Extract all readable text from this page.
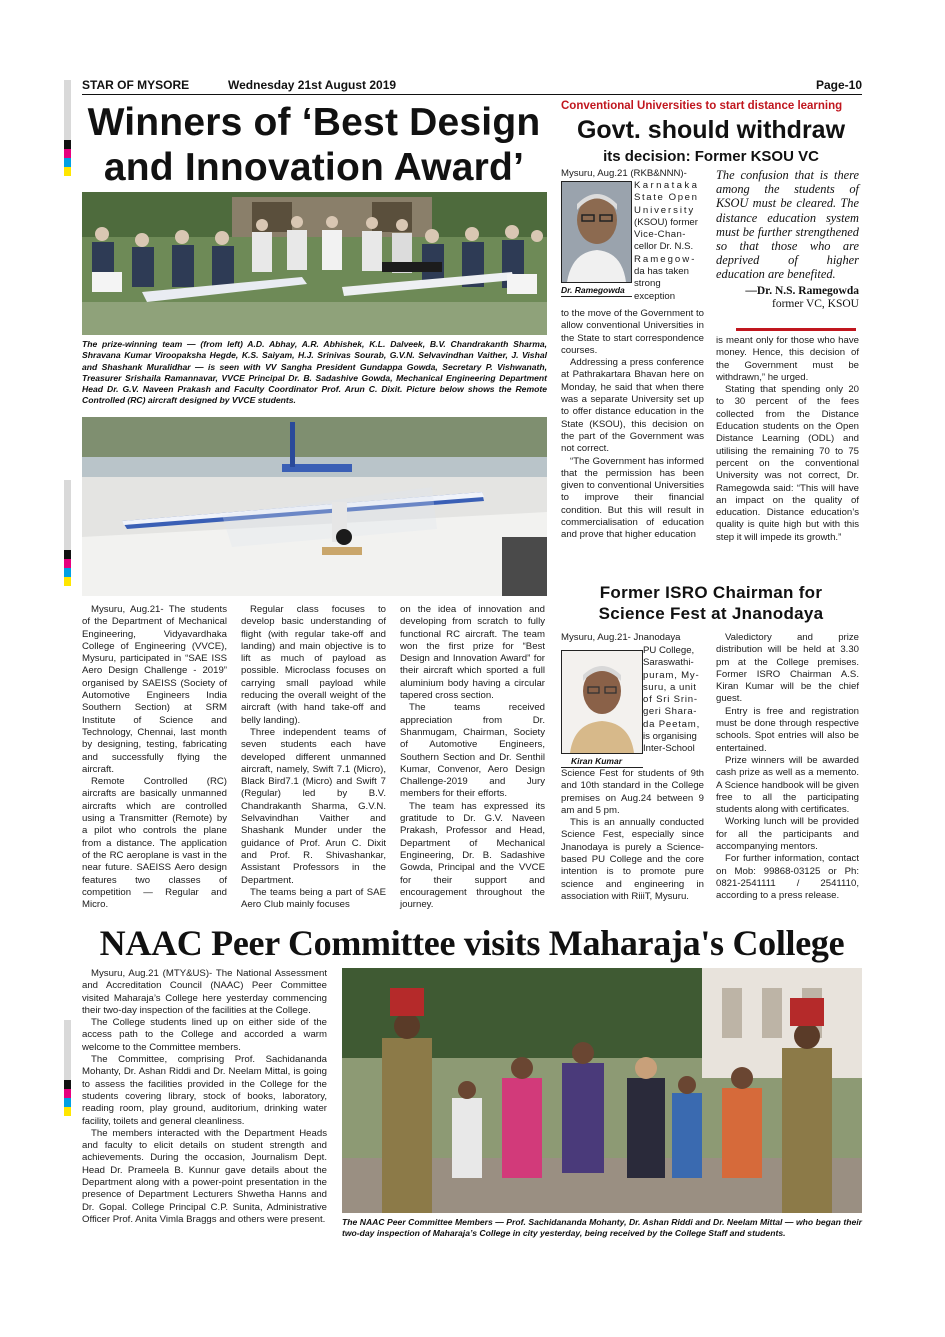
STAR OF MYSORE	Wednesday 21st August 2019	Page-10
Winners of ‘Best Design
and Innovation Award’
The prize-winning team — (from left) A.D. Abhay, A.R. Abhishek, K.L. Dalveek, B.V. Chandrakanth Sharma, Shravana Kumar Viroopaksha Hegde, K.S. Saiyam, H.J. Srinivas Sourab, G.V.N. Selvavindhan Vaither, J. Vishal and Shashank Muralidhar — is seen with VV Sangha President Gundappa Gowda, Secretary P. Vishwanath, Treasurer Srishaila Ramannavar, VVCE Principal Dr. B. Sadashive Gowda, Mechanical Engineering Department Head Dr. G.V. Naveen Prakash and Faculty Coordinator Prof. Arun C. Dixit. Picture below shows the Remote Controlled (RC) aircraft designed by VVCE students.

Mysuru, Aug.21- The students of the Department of Mechanical Engineering, Vidyavardhaka College of Engineering (VVCE), Mysuru, participated in “SAE ISS Aero Design Challenge - 2019” organised by SAEISS (Society of Automotive Engineers India Southern Section) at SRM Institute of Science and Technology, Chennai, last month by designing, testing, fabricating and successfully flying the aircraft.

Remote Controlled (RC) aircrafts are basically unmanned aircrafts which are controlled using a Transmitter (Remote) by a pilot who controls the plane from a distance. The application of the RC aeroplane is vast in the near future. SAEISS Aero design features two classes of competition — Regular and Micro.

Regular class focuses to develop basic understanding of flight (with regular take-off and landing) and main objective is to lift as much of payload as possible. Microclass focuses on carrying small payload while reducing the overall weight of the aircraft (with hand take-off and belly landing).

Three independent teams of seven students each have developed different unmanned aircraft, namely, Swift 7.1 (Micro), Black Bird7.1 (Micro) and Swift 7 (Regular) led by B.V. Chandrakanth Sharma, G.V.N. Selvavindhan Vaither and Shashank Munder under the guidance of Prof. Arun C. Dixit and Prof. R. Shivashankar, Assistant Professors in the Department.

The teams being a part of SAE Aero Club mainly focuses

on the idea of innovation and developing from scratch to fully functional RC aircraft. The team won the first prize for “Best Design and Innovation Award” for their aircraft which sported a full aluminium body having a circular tapered cross section.

The teams received appreciation from Dr. Shanmugam, Chairman, Society of Automotive Engineers, Southern Section and Dr. Senthil Kumar, Convenor, Aero Design Challenge-2019 and Jury members for their efforts.

The team has expressed its gratitude to Dr. G.V. Naveen Prakash, Professor and Head, Department of Mechanical Engineering, Dr. B. Sadashive Gowda, Principal and the VVCE for their support and encouragement throughout the journey.

Conventional Universities to start distance learning
Govt. should withdraw
its decision: Former KSOU VC
Dr. Ramegowda
Mysuru, Aug.21 (RKB&NNN)-
Karnataka
State Open
University
(KSOU) former
Vice-Chan-
cellor Dr. N.S.
Ramegow-
da has taken
strong exception
The confusion that is there among the students of KSOU must be cleared. The distance education system must be further strengthened so that those who are deprived of higher education are benefited.
—Dr. N.S. Ramegowda
former VC, KSOU

to the move of the Government to allow conventional Universities in the State to start correspondence courses.

Addressing a press conference at Pathrakartara Bhavan here on Monday, he said that when there was a separate University set up to offer distance education in the State (KSOU), this decision on the part of the Government was not correct.

“The Government has informed that the permission has been given to conventional Universities to improve their financial condition. But this will result in commercialisation of education and prove that higher education

is meant only for those who have money. Hence, this decision of the Government must be withdrawn,” he urged.

Stating that spending only 20 to 30 percent of the fees collected from the Distance Education students on the Open Distance Learning (ODL) and utilising the remaining 70 to 75 percent on the conventional University was not correct, Dr. Ramegowda said: “This will have an impact on the quality of education. Distance education’s quality is quite high but with this step it will impede its growth.”

Former ISRO Chairman for
Science Fest at Jnanodaya
Kiran Kumar
Mysuru, Aug.21- Jnanodaya
PU College,
Saraswathi-
puram, My-
suru, a unit
of Sri Srin-
geri Shara-
da Peetam,
is organising
Inter-School

Science Fest for students of 9th and 10th standard in the College premises on Aug.24 between 9 am and 5 pm.

This is an annually conducted Science Fest, especially since Jnanodaya is purely a Science-based PU College and the core intention is to promote pure science and engineering in association with RiiiT, Mysuru.

Valedictory and prize distribution will be held at 3.30 pm at the College premises. Former ISRO Chairman A.S. Kiran Kumar will be the chief guest.

Entry is free and registration must be done through respective schools. Spot entries will also be entertained.

Prize winners will be awarded cash prize as well as a memento. A Science handbook will be given free to all the participating students along with certificates.

Working lunch will be provided for all the participants and accompanying mentors.

For further information, contact on Mob: 99868-03125 or Ph: 0821-2541111 / 2541110, according to a press release.

NAAC Peer Committee visits Maharaja's College

Mysuru, Aug.21 (MTY&US)- The National Assessment and Accreditation Council (NAAC) Peer Committee visited Maharaja’s College here yesterday commencing their two-day inspection of the facilities at the College.

The College students lined up on either side of the access path to the College and accorded a warm welcome to the Committee members.

The Committee, comprising Prof. Sachidananda Mohanty, Dr. Ashan Riddi and Dr. Neelam Mittal, is going to assess the facilities provided in the College for the students covering library, stock of books, laboratory, reading room, play ground, auditorium, drinking water facility, toilets and general cleanliness.

The members interacted with the Department Heads and faculty to elicit details on student strength and achievements. During the occasion, Journalism Dept. Head Dr. Prameela B. Kunnur gave details about the Department along with a power-point presentation in the presence of Department Lecturers Shwetha Hanns and Dr. Gopal. College Principal C.P. Sunita, Administrative Officer Prof. Anita Vimla Braggs and others were present. The NAAC Peer Committee Members — Prof. Sachidananda Mohanty, Dr. Ashan Riddi and Dr. Neelam Mittal — who began their two-day inspection of Maharaja’s College in city yesterday, being received by the College Staff and students.
